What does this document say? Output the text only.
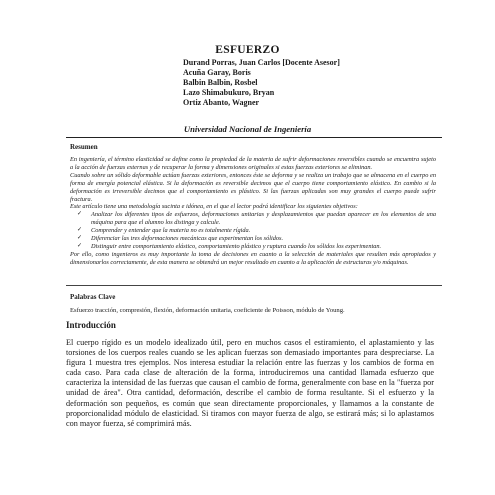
ESFUERZO
Durand Porras, Juan Carlos [Docente Asesor]
Acuña Garay, Boris
Balbin Balbin, Rosbel
Lazo Shimabukuro, Bryan
Ortiz Abanto, Wagner
Universidad Nacional de Ingeniería
Resumen

En ingeniería, el término elasticidad se define como la propiedad de la materia de sufrir deformaciones reversibles cuando se encuentra sujeto a la acción de fuerzas externas y de recuperar la forma y dimensiones originales si estas fuerzas exteriores se eliminan.

Cuando sobre un sólido deformable actúan fuerzas exteriores, entonces éste se deforma y se realiza un trabajo que se almacena en el cuerpo en forma de energía potencial elástica. Si la deformación es reversible decimos que el cuerpo tiene comportamiento elástico. En cambio si la deformación es irreversible decimos que el comportamiento es plástico. Si las fuerzas aplicadas son muy grandes el cuerpo puede sufrir fractura.

Este artículo tiene una metodología sucinta e idónea, en el que el lector podrá identificar los siguientes objetivos:

✓ Analizar los diferentes tipos de esfuerzos, deformaciones unitarias y desplazamientos que puedan aparecer en los elementos de una máquina para que el alumno los distinga y calcule.
✓ Comprender y entender que la materia no es totalmente rígida.
✓ Diferenciar las tres deformaciones mecánicas que experimentan los sólidos.
✓ Distinguir entre comportamiento elástico, comportamiento plástico y ruptura cuando los sólidos los experimentan.

Por ello, como ingenieros es muy importante la toma de decisiones en cuanto a la selección de materiales que resulten más apropiados y dimensionarlos correctamente, de esta manera se obtendrá un mejor resultado en cuanto a la aplicación de estructuras y/o máquinas.

Palabras Clave
Esfuerzo tracción, compresión, flexión, deformación unitaria, coeficiente de Poisson, módulo de Young.
Introducción

El cuerpo rígido es un modelo idealizado útil, pero en muchos casos el estiramiento, el aplastamiento y las torsiones de los cuerpos reales cuando se les aplican fuerzas son demasiado importantes para despreciarse. La figura 1 muestra tres ejemplos. Nos interesa estudiar la relación entre las fuerzas y los cambios de forma en cada caso. Para cada clase de alteración de la forma, introduciremos una cantidad llamada esfuerzo que caracteriza la intensidad de las fuerzas que causan el cambio de forma, generalmente con base en la "fuerza por unidad de área". Otra cantidad, deformación, describe el cambio de forma resultante. Si el esfuerzo y la deformación son pequeños, es común que sean directamente proporcionales, y llamamos a la constante de proporcionalidad módulo de elasticidad. Si tiramos con mayor fuerza de algo, se estirará más; si lo aplastamos con mayor fuerza, sé comprimirá más.
